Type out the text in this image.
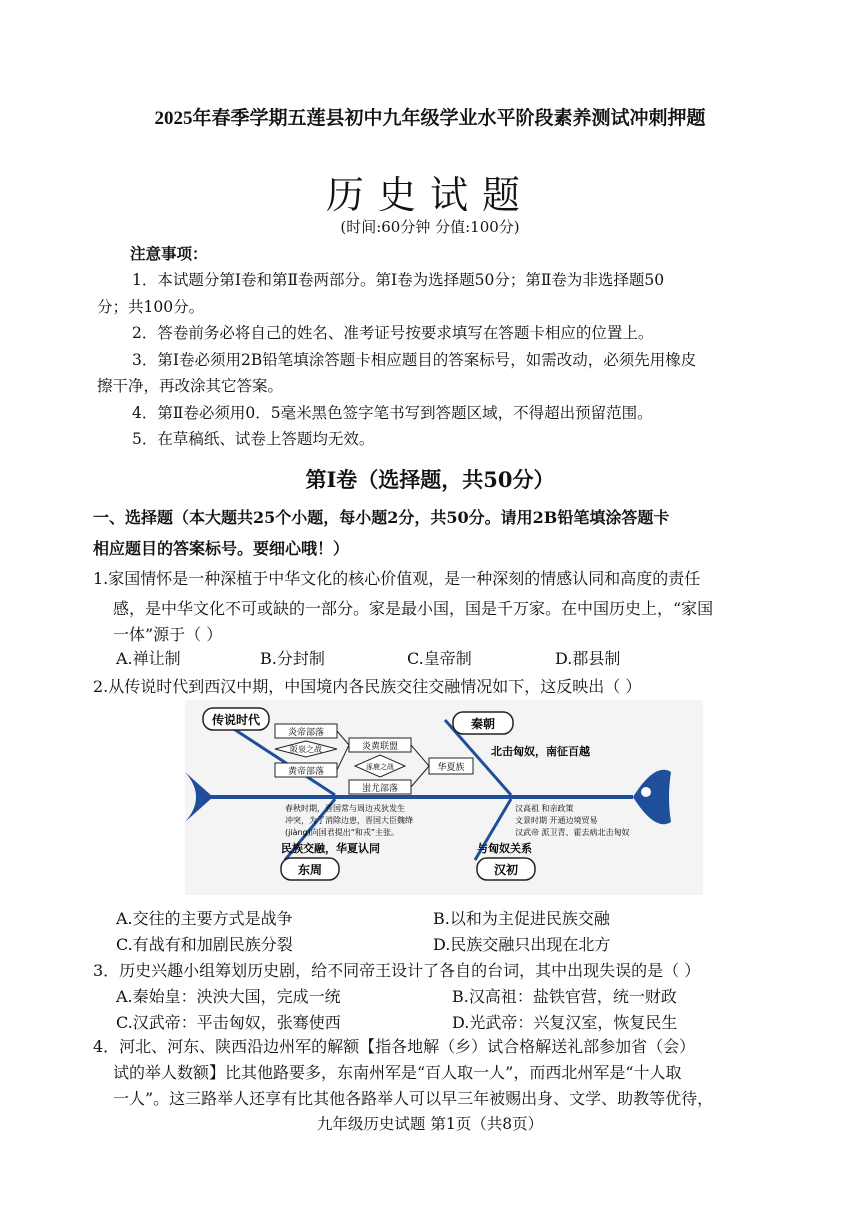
2025年春季学期五莲县初中九年级学业水平阶段素养测试冲刺押题
历史试题
(时间:60分钟 分值:100分)
注意事项：
1．本试题分第Ⅰ卷和第Ⅱ卷两部分。第Ⅰ卷为选择题50分；第Ⅱ卷为非选择题50
分；共100分。
2．答卷前务必将自己的姓名、准考证号按要求填写在答题卡相应的位置上。
3．第Ⅰ卷必须用2B铅笔填涂答题卡相应题目的答案标号，如需改动，必须先用橡皮
擦干净，再改涂其它答案。
4．第Ⅱ卷必须用0．5毫米黑色签字笔书写到答题区域，不得超出预留范围。
5．在草稿纸、试卷上答题均无效。
第Ⅰ卷（选择题，共50分）
一、选择题（本大题共25个小题，每小题2分，共50分。请用2B铅笔填涂答题卡
相应题目的答案标号。要细心哦！）
1.家国情怀是一种深植于中华文化的核心价值观，是一种深刻的情感认同和高度的责任
感，是中华文化不可或缺的一部分。家是最小国，国是千万家。在中国历史上，“家国
一体”源于（ ）
A.禅让制	B.分封制	C.皇帝制	D.郡县制
2.从传说时代到西汉中期，中国境内各民族交往交融情况如下，这反映出（ ）
传说时代	秦朝
北击匈奴，南征百越
炎帝部落
阪泉之战
黄帝部落
炎黄联盟
涿鹿之战
蚩尤部落
华夏族
春秋时期，晋国常与周边戎狄发生
冲突，为了消除边患，晋国大臣魏绛
(jiàng)向国君提出“和戎”主张。
汉高祖 和亲政策
文景时期 开通边境贸易
汉武帝 派卫青、霍去病北击匈奴
民族交融，华夏认同
东周
与匈奴关系
汉初
A.交往的主要方式是战争	B.以和为主促进民族交融
C.有战有和加剧民族分裂	D.民族交融只出现在北方
3．历史兴趣小组筹划历史剧，给不同帝王设计了各自的台词，其中出现失误的是（ ）
A.秦始皇：泱泱大国，完成一统	B.汉高祖：盐铁官营，统一财政
C.汉武帝：平击匈奴，张骞使西	D.光武帝：兴复汉室，恢复民生
4．河北、河东、陕西沿边州军的解额【指各地解（乡）试合格解送礼部参加省（会）
试的举人数额】比其他路要多，东南州军是“百人取一人”，而西北州军是“十人取
一人”。这三路举人还享有比其他各路举人可以早三年被赐出身、文学、助教等优待，
九年级历史试题 第1页（共8页）
